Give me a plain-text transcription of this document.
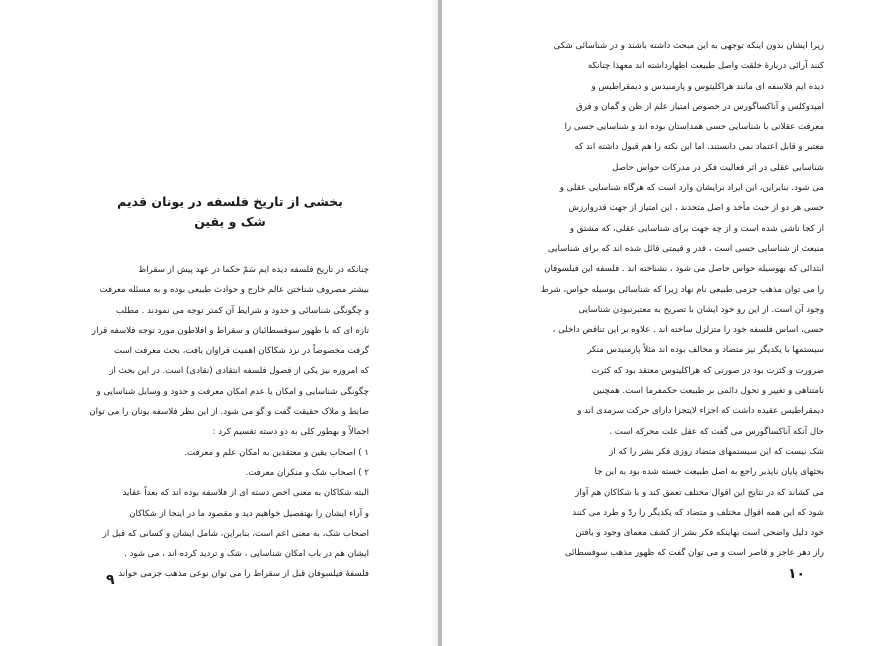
بخشی از تاریخ فلسفه در یونان قدیم
شک و یقین
چنانکه در تاریخ فلسفه دیده ایم سَمّ حکما در عهد پیش از سقراط
بیشتر مصروف شناختن عالم خارج و حوادث طبیعی بوده و به مسئله معرفت
و چگونگی شناسائی و حدود و شرایط آن کمتر توجه می نمودند . مطلب
تازه ای که با ظهور سوفسطائیان و سقراط و افلاطون مورد توجه فلاسفه قرار
گرفت مخصوصاً در نزد شکاکان اهمیت فراوان یافت، بحث معرفت است
که امروزه نیز یکی از فصول فلسفه انتقادی (نقادی) است. در این بحث از
چگونگی شناسایی و امکان یا عدم امکان معرفت و حدود و وسایل شناسایی و
ضابط و ملاک حقیقت گفت و گو می شود. از این نظر فلاسفه یونان را می توان
اجمالاً و بهطور کلی به دو دسته تقسیم کرد :
۱ ) اصحاب یقین و معتقدین به امکان علم و معرفت.
۲ ) اصحاب شک و منکران معرفت.
البته شکاکان به معنی اخص دسته ای از فلاسفه بوده اند که بعداً عقاید
و آراء ایشان را بهتفصیل خواهیم دید و مقصود ما در اینجا از شکاکان
اصحاب شک، به معنی اعم است، بنابراین، شامل ایشان و کسانی که قبل از
ایشان هم در باب امکان شناسایی ، شک و تردید کرده اند ، می شود .
فلسفهٔ فیلسوفان قبل از سقراط را می توان نوعی مذهب جزمی خواند
۹
زیرا ایشان بدون اینکه توجهی به این مبحث داشته باشند و در شناسائی شکی
کنند آرائی دربارهٔ خلقت واصل طبیعت اظهارداشته اند معهذا چنانکه
دیده ایم فلاسفه ای مانند هراکلیتوس و پارمنیدس و دیمقراطیس و
امپدوکلس و آناکساگورس در خصوص امتیاز علم از ظن و گمان و فرق
معرفت عقلانی با شناسایی حسی همداستان بوده اند و شناسایی حسی را
معتبر و قابل اعتماد نمی دانستند. اما این نکته را هم قبول داشته اند که
شناسایی عقلی در اثر فعالیت فکر در مدرکات حواس حاصل
می شود. بنابراین، این ایراد برایشان وارد است که هرگاه شناسایی عقلی و
حسی هر دو از حیث مأخذ و اصل متحدند ، این امتیاز از جهت قدروارزش
از کجا ناشی شده است و از چه جهت برای شناسایی عقلی، که مشتق و
منبعث از شناسایی حسی است ، قدر و قیمتی قائل شده اند که برای شناسایی
ابتدائی که بهوسیله حواس حاصل می شود ، نشناخته اند . فلسفه این فیلسوفان
را می توان مذهب جزمی طبیعی نام نهاد زیرا که شناسائی بوسیله حواس، شرط
وجود آن است. از این رو خود ایشان با تصریح به معتبرنبودن شناسایی
حسی، اساس فلسفه خود را متزلزل ساخته اند . علاوه بر این تناقض داخلی ،
سیستمها با یکدیگر نیز متضاد و مخالف بوده اند مثلاً پارمنیدس منکر
ضرورت و کثرت بود در صورتی که هراکلیتوس معتقد بود که کثرت
نامتناهی و تغییر و تحول دائمی بر طبیعت حکمفرما است. همچنین
دیمقراطیس عقیده داشت که اجزاء لایتجزا دارای حرکت سرمدی اند و
حال آنکه آناکساگورس می گفت که عقل علت محرکه است .
شک نیست که این سیستمهای متضاد روزی فکر بشر را که از
بحثهای پایان ناپذیر راجع به اصل طبیعت خسته شده بود به این جا
می کشاند که در نتایج این اقوال مختلف تعمق کند و با شکاکان هم آواز
شود که این همه اقوال مختلف و متضاد که یکدیگر را ردّ و طرد می کنند
خود دلیل واضحی است بهاینکه فکر بشر از کشف معمای وجود و یافتن
راز دهر عاجز و قاصر است و می توان گفت که ظهور مذهب سوفسطائی
۱۰
